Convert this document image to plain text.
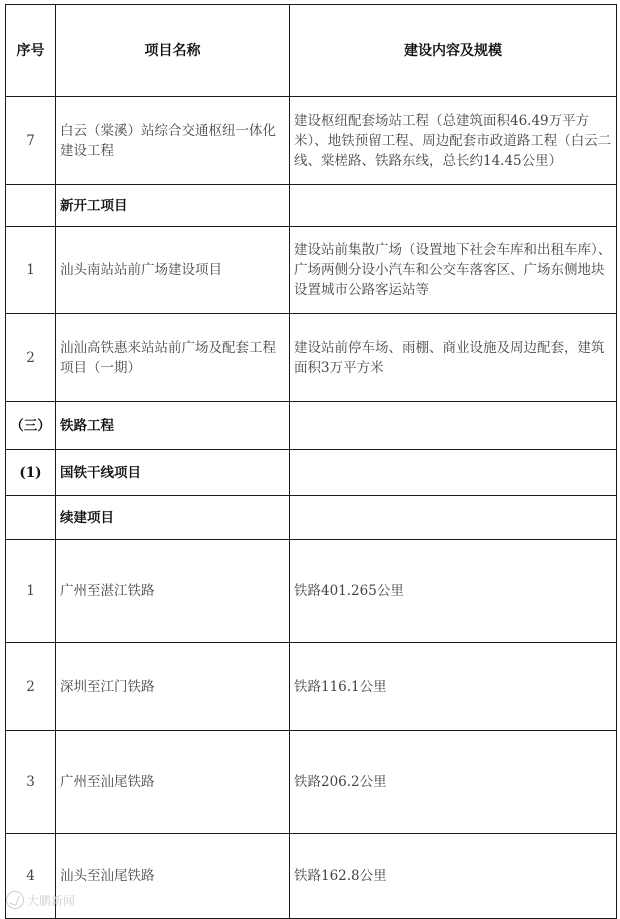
序号	项目名称	建设内容及规模
7	白云（棠溪）站综合交通枢纽一体化建设工程	建设枢纽配套场站工程（总建筑面积46.49万平方米）、地铁预留工程、周边配套市政道路工程（白云二线、棠槎路、铁路东线，总长约14.45公里）
	新开工项目	
1	汕头南站站前广场建设项目	建设站前集散广场（设置地下社会车库和出租车库）、广场两侧分设小汽车和公交车落客区、广场东侧地块设置城市公路客运站等
2	汕汕高铁惠来站站前广场及配套工程项目（一期）	建设站前停车场、雨棚、商业设施及周边配套，建筑面积3万平方米
（三）	铁路工程	
(1)	国铁干线项目	
	续建项目	
1	广州至湛江铁路	铁路401.265公里
2	深圳至江门铁路	铁路116.1公里
3	广州至汕尾铁路	铁路206.2公里
4	汕头至汕尾铁路	铁路162.8公里
大鹏新闻
